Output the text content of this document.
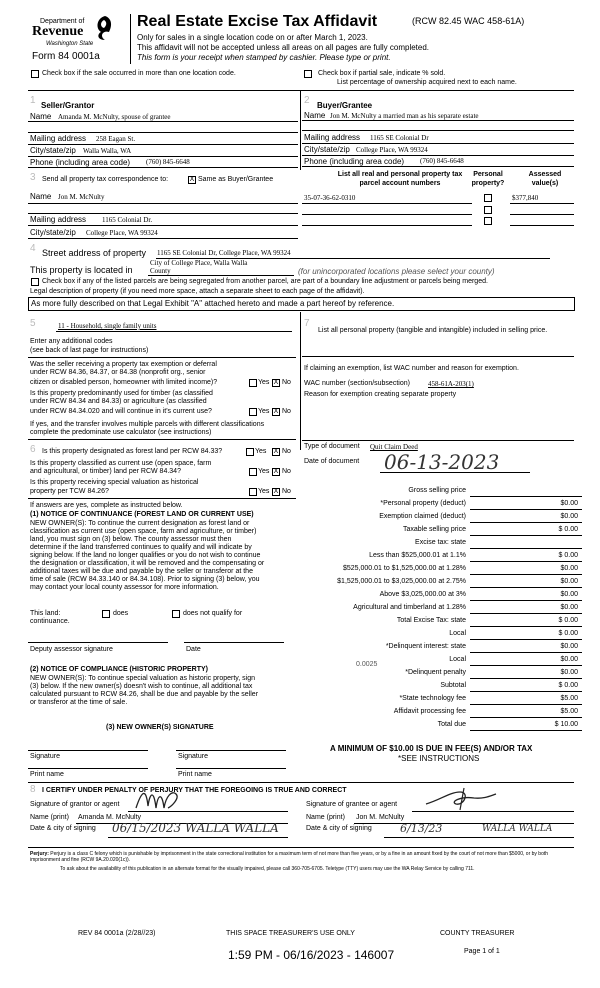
Department of
Revenue
Washington State
Form 84 0001a
Real Estate Excise Tax Affidavit	(RCW 82.45 WAC 458-61A)
Only for sales in a single location code on or after March 1, 2023.
This affidavit will not be accepted unless all areas on all pages are fully completed.
This form is your receipt when stamped by cashier. Please type or print.
Check box if the sale occurred in more than one location code.	Check box if partial sale, indicate % sold.
List percentage of ownership acquired next to each name.
1 Seller/Grantor
Name Amanda M. McNulty, spouse of grantee
Mailing address 258 Eagan St.
City/state/zip Walla Walla, WA
Phone (including area code) (760) 845-6648
2 Buyer/Grantee
Name Jon M. McNulty a married man as his separate estate
Mailing address 1165 SE Colonial Dr
City/state/zip College Place, WA 99324
Phone (including area code) (760) 845-6648
3 Send all property tax correspondence to:	X Same as Buyer/Grantee
Name Jon M. McNulty
Mailing address 1165 Colonial Dr.
City/state/zip College Place, WA 99324
List all real and personal property tax parcel account numbers
Personal property?
Assessed value(s)
35-07-36-62-0310	$377,840
4 Street address of property 1165 SE Colonial Dr, College Place, WA 99324
This property is located in
City of College Place, Walla Walla
County	(for unincorporated locations please select your county)
Check box if any of the listed parcels are being segregated from another parcel, are part of a boundary line adjustment or parcels being merged.
Legal description of property (if you need more space, attach a separate sheet to each page of the affidavit).
As more fully described on that Legal Exhibit "A" attached hereto and made a part hereof by reference.
5	11 - Household, single family units
Enter any additional codes
(see back of last page for instructions)
Was the seller receiving a property tax exemption or deferral
under RCW 84.36, 84.37, or 84.38 (nonprofit org., senior
citizen or disabled person, homeowner with limited income)?	Yes X No
Is this property predominantly used for timber (as classified
under RCW 84.34 and 84.33) or agriculture (as classified
under RCW 84.34.020 and will continue in it's current use?	Yes X No
If yes, and the transfer involves multiple parcels with different classifications
complete the predominate use calculator (see instructions)
7
List all personal property (tangible and intangible) included in selling price.
If claiming an exemption, list WAC number and reason for exemption.
WAC number (section/subsection)	458-61A-203(1)
Reason for exemption creating separate property
Type of document Quit Claim Deed
Date of document 06-13-2023
6 Is this property designated as forest land per RCW 84.33?	Yes X No
Is this property classified as current use (open space, farm
and agricultural, or timber) land per RCW 84.34?	Yes X No
Is this property receiving special valuation as historical
property per TCW 84.26?	Yes X No
If answers are yes, complete as instructed below.
(1) NOTICE OF CONTINUANCE (FOREST LAND OR CURRENT USE)
NEW OWNER(S): To continue the current designation as forest land or
classification as current use (open space, farm and agriculture, or timber)
land, you must sign on (3) below. The county assessor must then
determine if the land transferred continues to qualify and will indicate by
signing below. If the land no longer qualifies or you do not wish to continue
the designation or classification, it will be removed and the compensating or
additional taxes will be due and payable by the seller or transferor at the
time of sale (RCW 84.33.140 or 84.34.108). Prior to signing (3) below, you
may contact your local county assessor for more information.
This land:
continuance.
does	does not qualify for
Deputy assessor signature	Date
(2) NOTICE OF COMPLIANCE (HISTORIC PROPERTY)
NEW OWNER(S): To continue special valuation as historic property, sign
(3) below. If the new owner(s) doesn't wish to continue, all additional tax
calculated pursuant to RCW 84.26, shall be due and payable by the seller
or transferor at the time of sale.
(3) NEW OWNER(S) SIGNATURE
Signature	Signature
Print name	Print name
Gross selling price
*Personal property (deduct)	$0.00
Exemption claimed (deduct)	$0.00
Taxable selling price	$ 0.00
Excise tax: state
Less than $525,000.01 at 1.1%	$ 0.00
$525,000.01 to $1,525,000.00 at 1.28%	$0.00
$1,525,000.01 to $3,025,000.00 at 2.75%	$0.00
Above $3,025,000.00 at 3%	$0.00
Agricultural and timberland at 1.28%	$0.00
Total Excise Tax: state	$ 0.00
Local	$ 0.00
*Delinquent interest: state	$0.00
Local	$0.00
*Delinquent penalty	$0.00
Subtotal	$ 0.00
*State technology fee	$5.00
Affidavit processing fee	$5.00
Total due	$ 10.00
0.0025
A MINIMUM OF $10.00 IS DUE IN FEE(S) AND/OR TAX
*SEE INSTRUCTIONS
8 I CERTIFY UNDER PENALTY OF PERJURY THAT THE FOREGOING IS TRUE AND CORRECT
Signature of grantor or agent	Signature of grantee or agent
Name (print) Amanda M. McNulty	Name (print) Jon M. McNulty
Date & city of signing 06/15/2023 WALLA WALLA	Date & city of signing	6/13/23	WALLA WALLA
Perjury: Perjury is a class C felony which is punishable by imprisonment in the state correctional institution for a maximum term of not more than five years, or by a fine in an amount fixed by the court of not more than $5000, or by both imprisonment and fine (RCW 9A.20.020(1c)).
To ask about the availability of this publication in an alternate format for the visually impaired, please call 360-705-6705. Teletype (TTY) users may use the WA Relay Service by calling 711.
REV 84 0001a (2/28//23)	THIS SPACE TREASURER'S USE ONLY	COUNTY TREASURER
1:59 PM - 06/16/2023 - 146007	Page 1 of 1
